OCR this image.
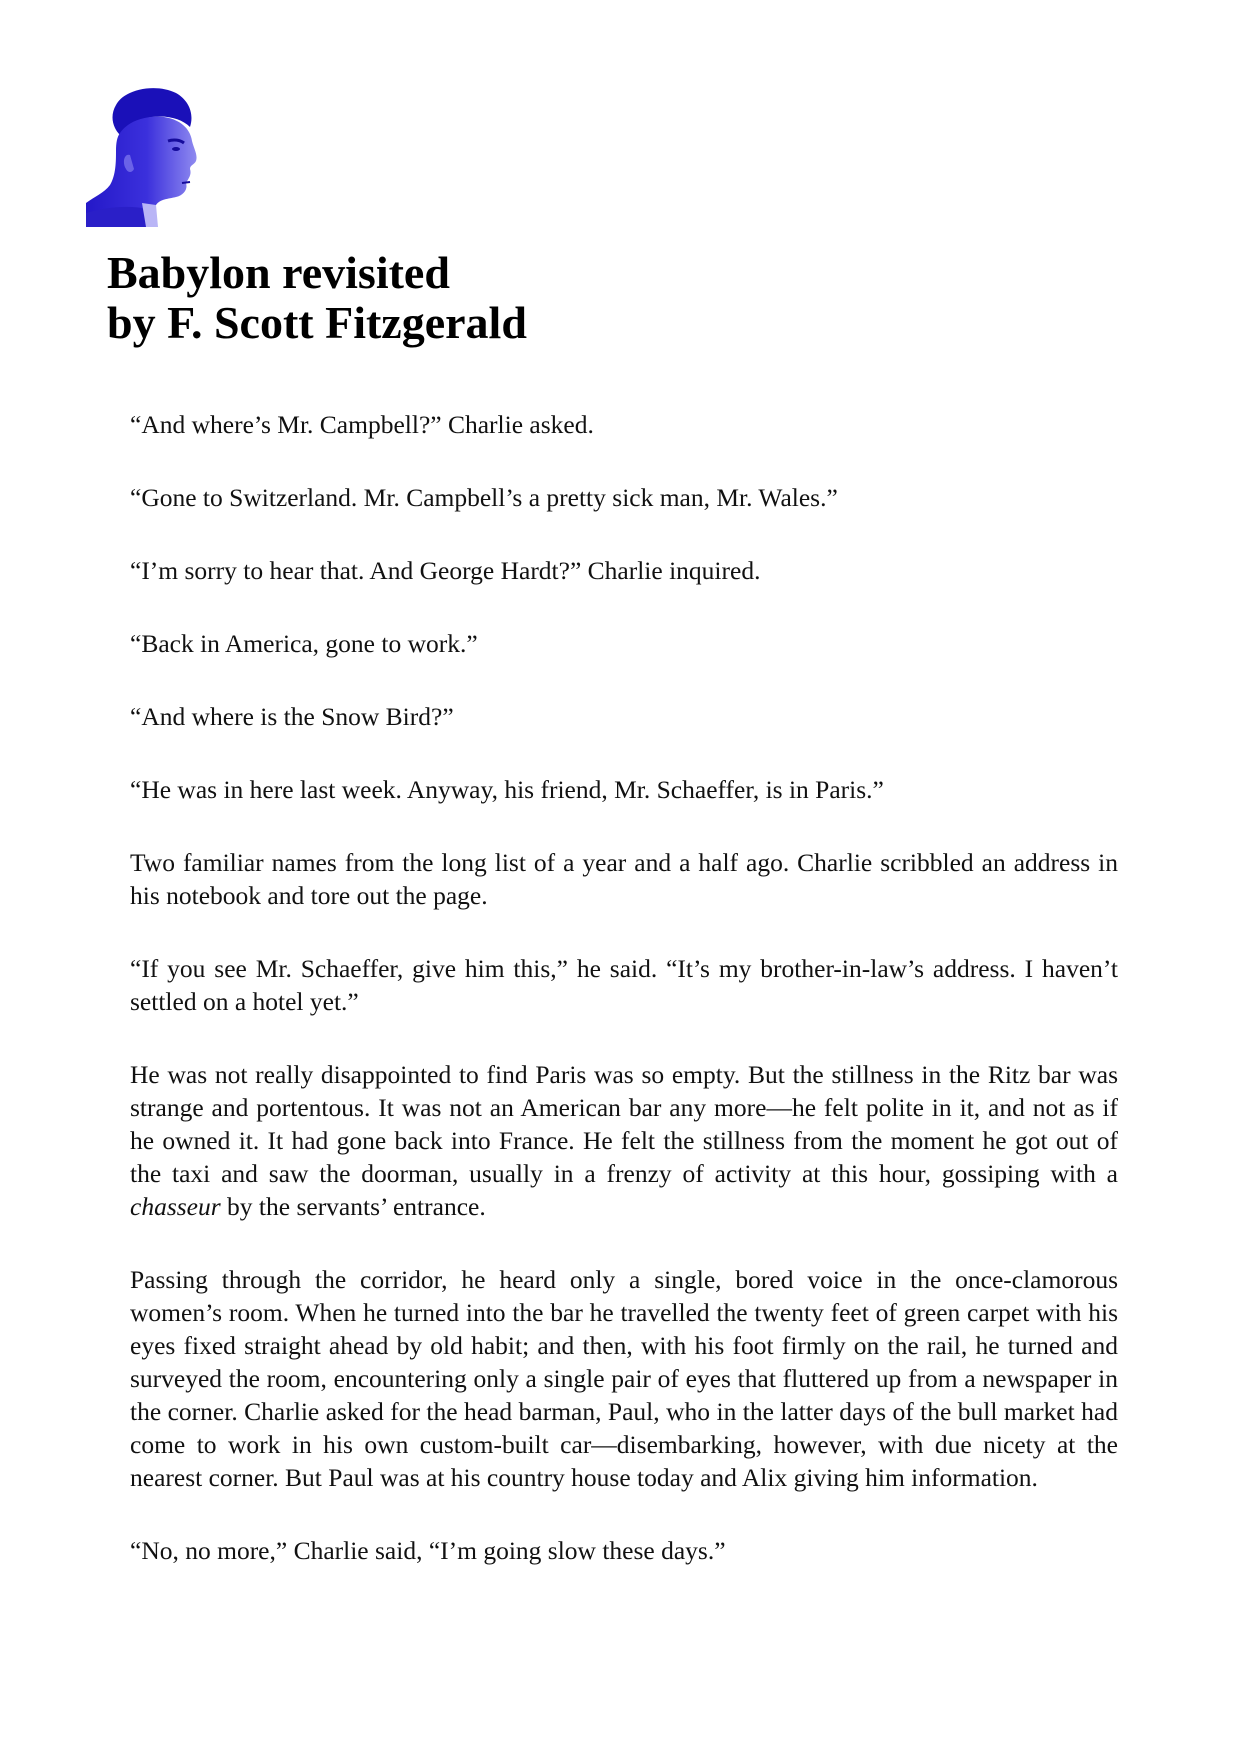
Babylon revisited
by F. Scott Fitzgerald

“And where’s Mr. Campbell?” Charlie asked.

“Gone to Switzerland. Mr. Campbell’s a pretty sick man, Mr. Wales.”

“I’m sorry to hear that. And George Hardt?” Charlie inquired.

“Back in America, gone to work.”

“And where is the Snow Bird?”

“He was in here last week. Anyway, his friend, Mr. Schaeffer, is in Paris.”

Two familiar names from the long list of a year and a half ago. Charlie scribbled an address in his notebook and tore out the page.

“If you see Mr. Schaeffer, give him this,” he said. “It’s my brother-in-law’s address. I haven’t settled on a hotel yet.”

He was not really disappointed to find Paris was so empty. But the stillness in the Ritz bar was strange and portentous. It was not an American bar any more—he felt polite in it, and not as if he owned it. It had gone back into France. He felt the stillness from the moment he got out of the taxi and saw the doorman, usually in a frenzy of activity at this hour, gossiping with a chasseur by the servants’ entrance.

Passing through the corridor, he heard only a single, bored voice in the once-clamorous women’s room. When he turned into the bar he travelled the twenty feet of green carpet with his eyes fixed straight ahead by old habit; and then, with his foot firmly on the rail, he turned and surveyed the room, encountering only a single pair of eyes that fluttered up from a newspaper in the corner. Charlie asked for the head barman, Paul, who in the latter days of the bull market had come to work in his own custom-built car—disembarking, however, with due nicety at the nearest corner. But Paul was at his country house today and Alix giving him information.

“No, no more,” Charlie said, “I’m going slow these days.”
